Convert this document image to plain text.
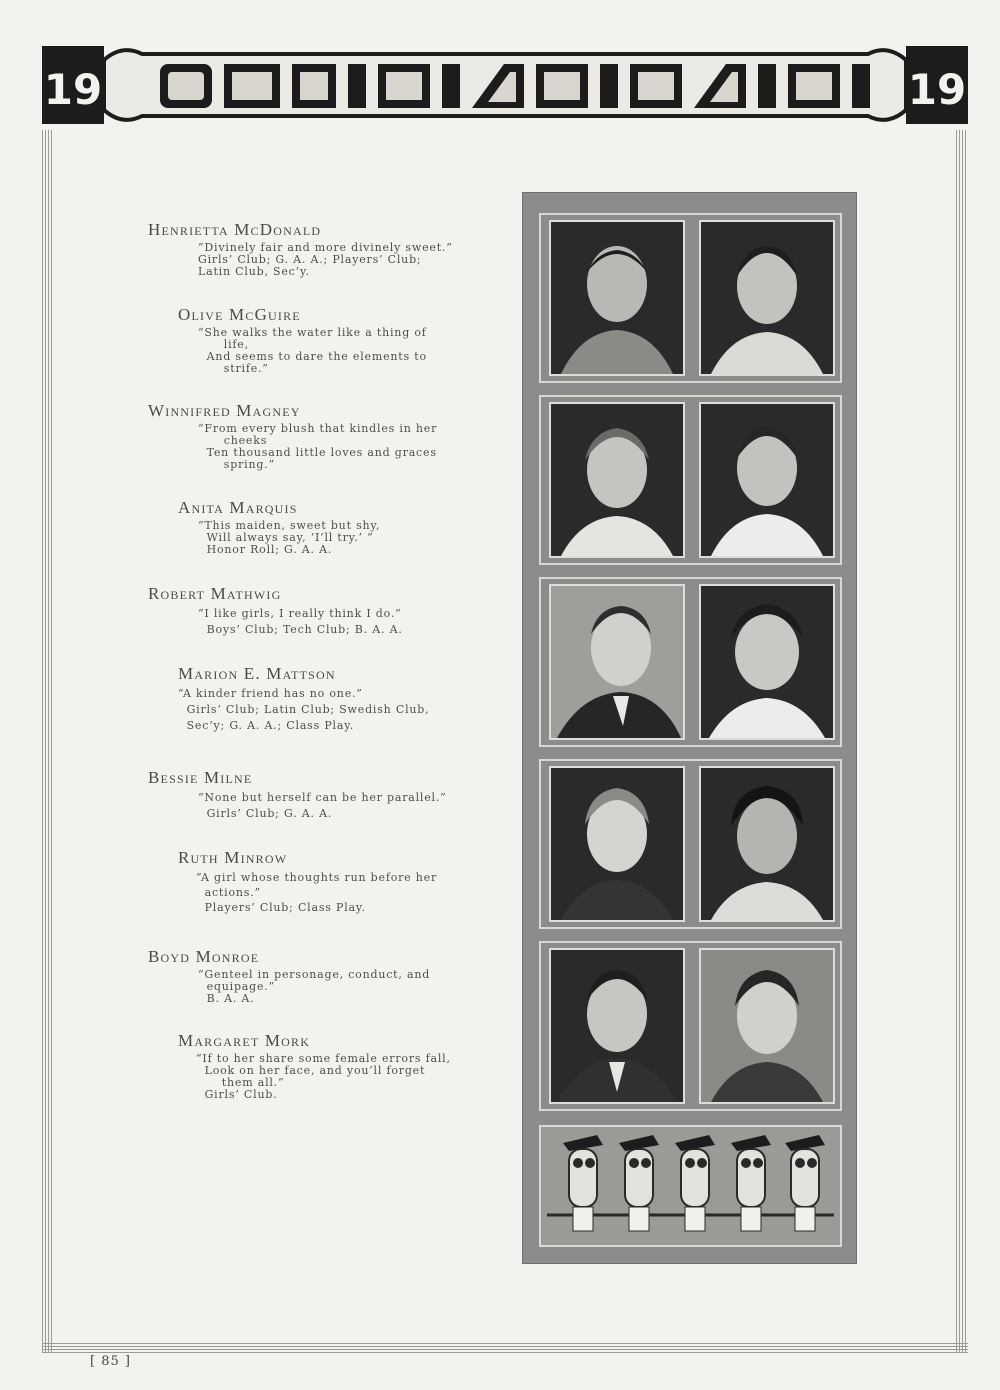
19	19
Henrietta McDonald
“Divinely fair and more divinely sweet.”
Girls’ Club; G. A. A.; Players’ Club;
Latin Club, Sec’y.
Olive McGuire
“She walks the water like a thing of
life,
And seems to dare the elements to
strife.”
Winnifred Magney
“From every blush that kindles in her
cheeks
Ten thousand little loves and graces
spring.”
Anita Marquis
“This maiden, sweet but shy,
Will always say, ‘I’ll try.’ ”
Honor Roll; G. A. A.
Robert Mathwig
“I like girls, I really think I do.”
Boys’ Club; Tech Club; B. A. A.
Marion E. Mattson
“A kinder friend has no one.”
Girls’ Club; Latin Club; Swedish Club,
Sec’y; G. A. A.; Class Play.
Bessie Milne
“None but herself can be her parallel.”
Girls’ Club; G. A. A.
Ruth Minrow
“A girl whose thoughts run before her
actions.”
Players’ Club; Class Play.
Boyd Monroe
“Genteel in personage, conduct, and
equipage.”
B. A. A.
Margaret Mork
“If to her share some female errors fall,
Look on her face, and you’ll forget
them all.”
Girls’ Club.
[ 85 ]
